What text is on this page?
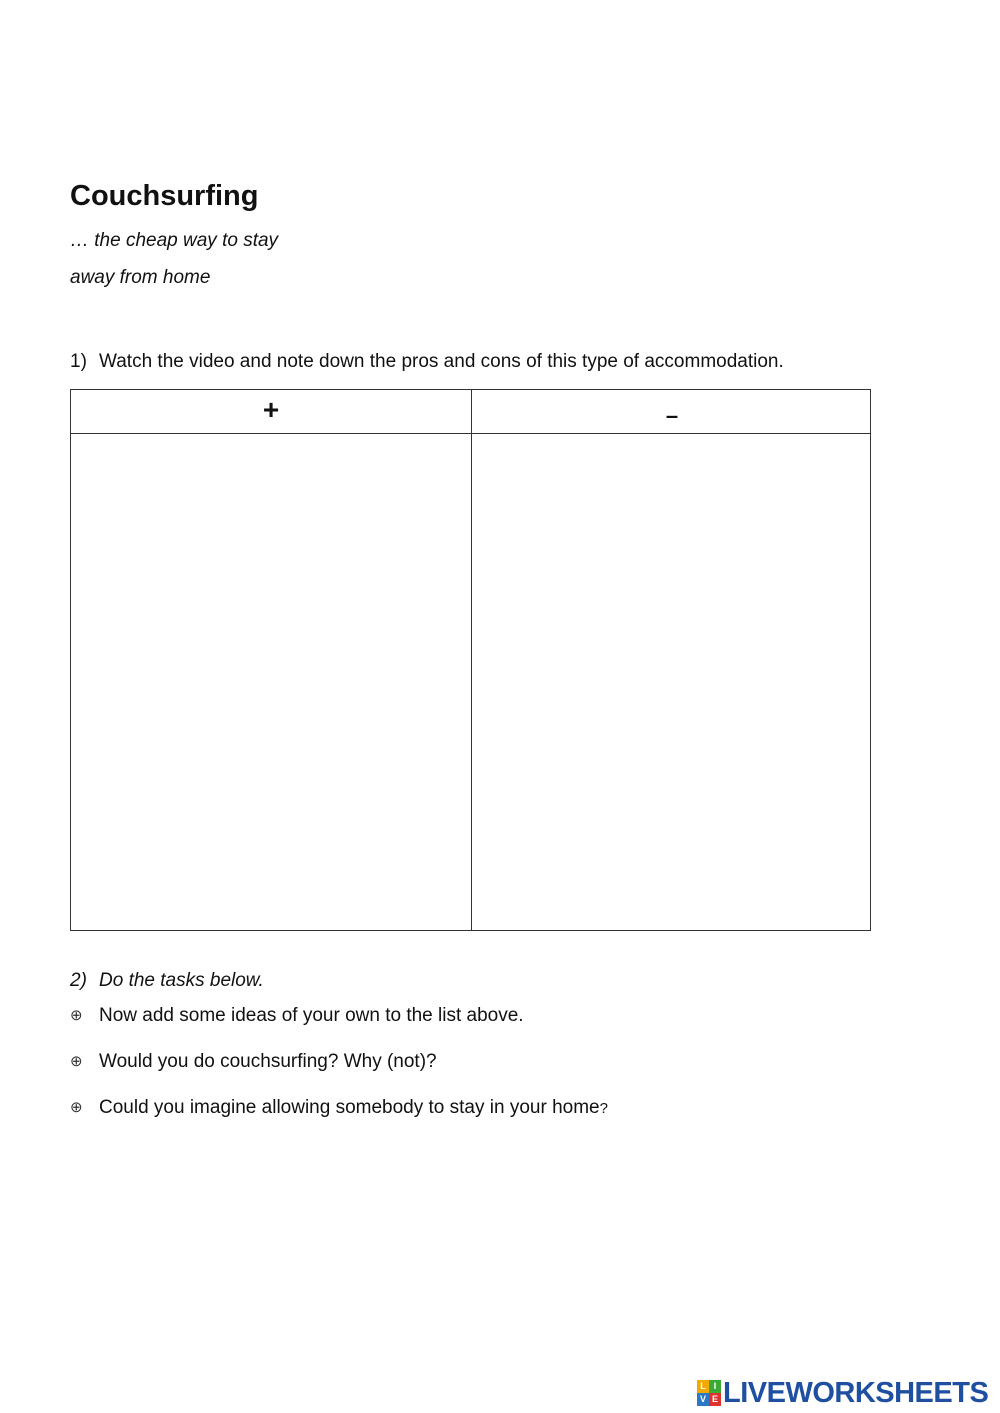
Couchsurfing

… the cheap way to stay

away from home

1) Watch the video and note down the pros and cons of this type of accommodation.

+	–

2) Do the tasks below.

⊕ Now add some ideas of your own to the list above.

⊕ Would you do couchsurfing? Why (not)?

⊕ Could you imagine allowing somebody to stay in your home?

L I
V E LIVEWORKSHEETS
